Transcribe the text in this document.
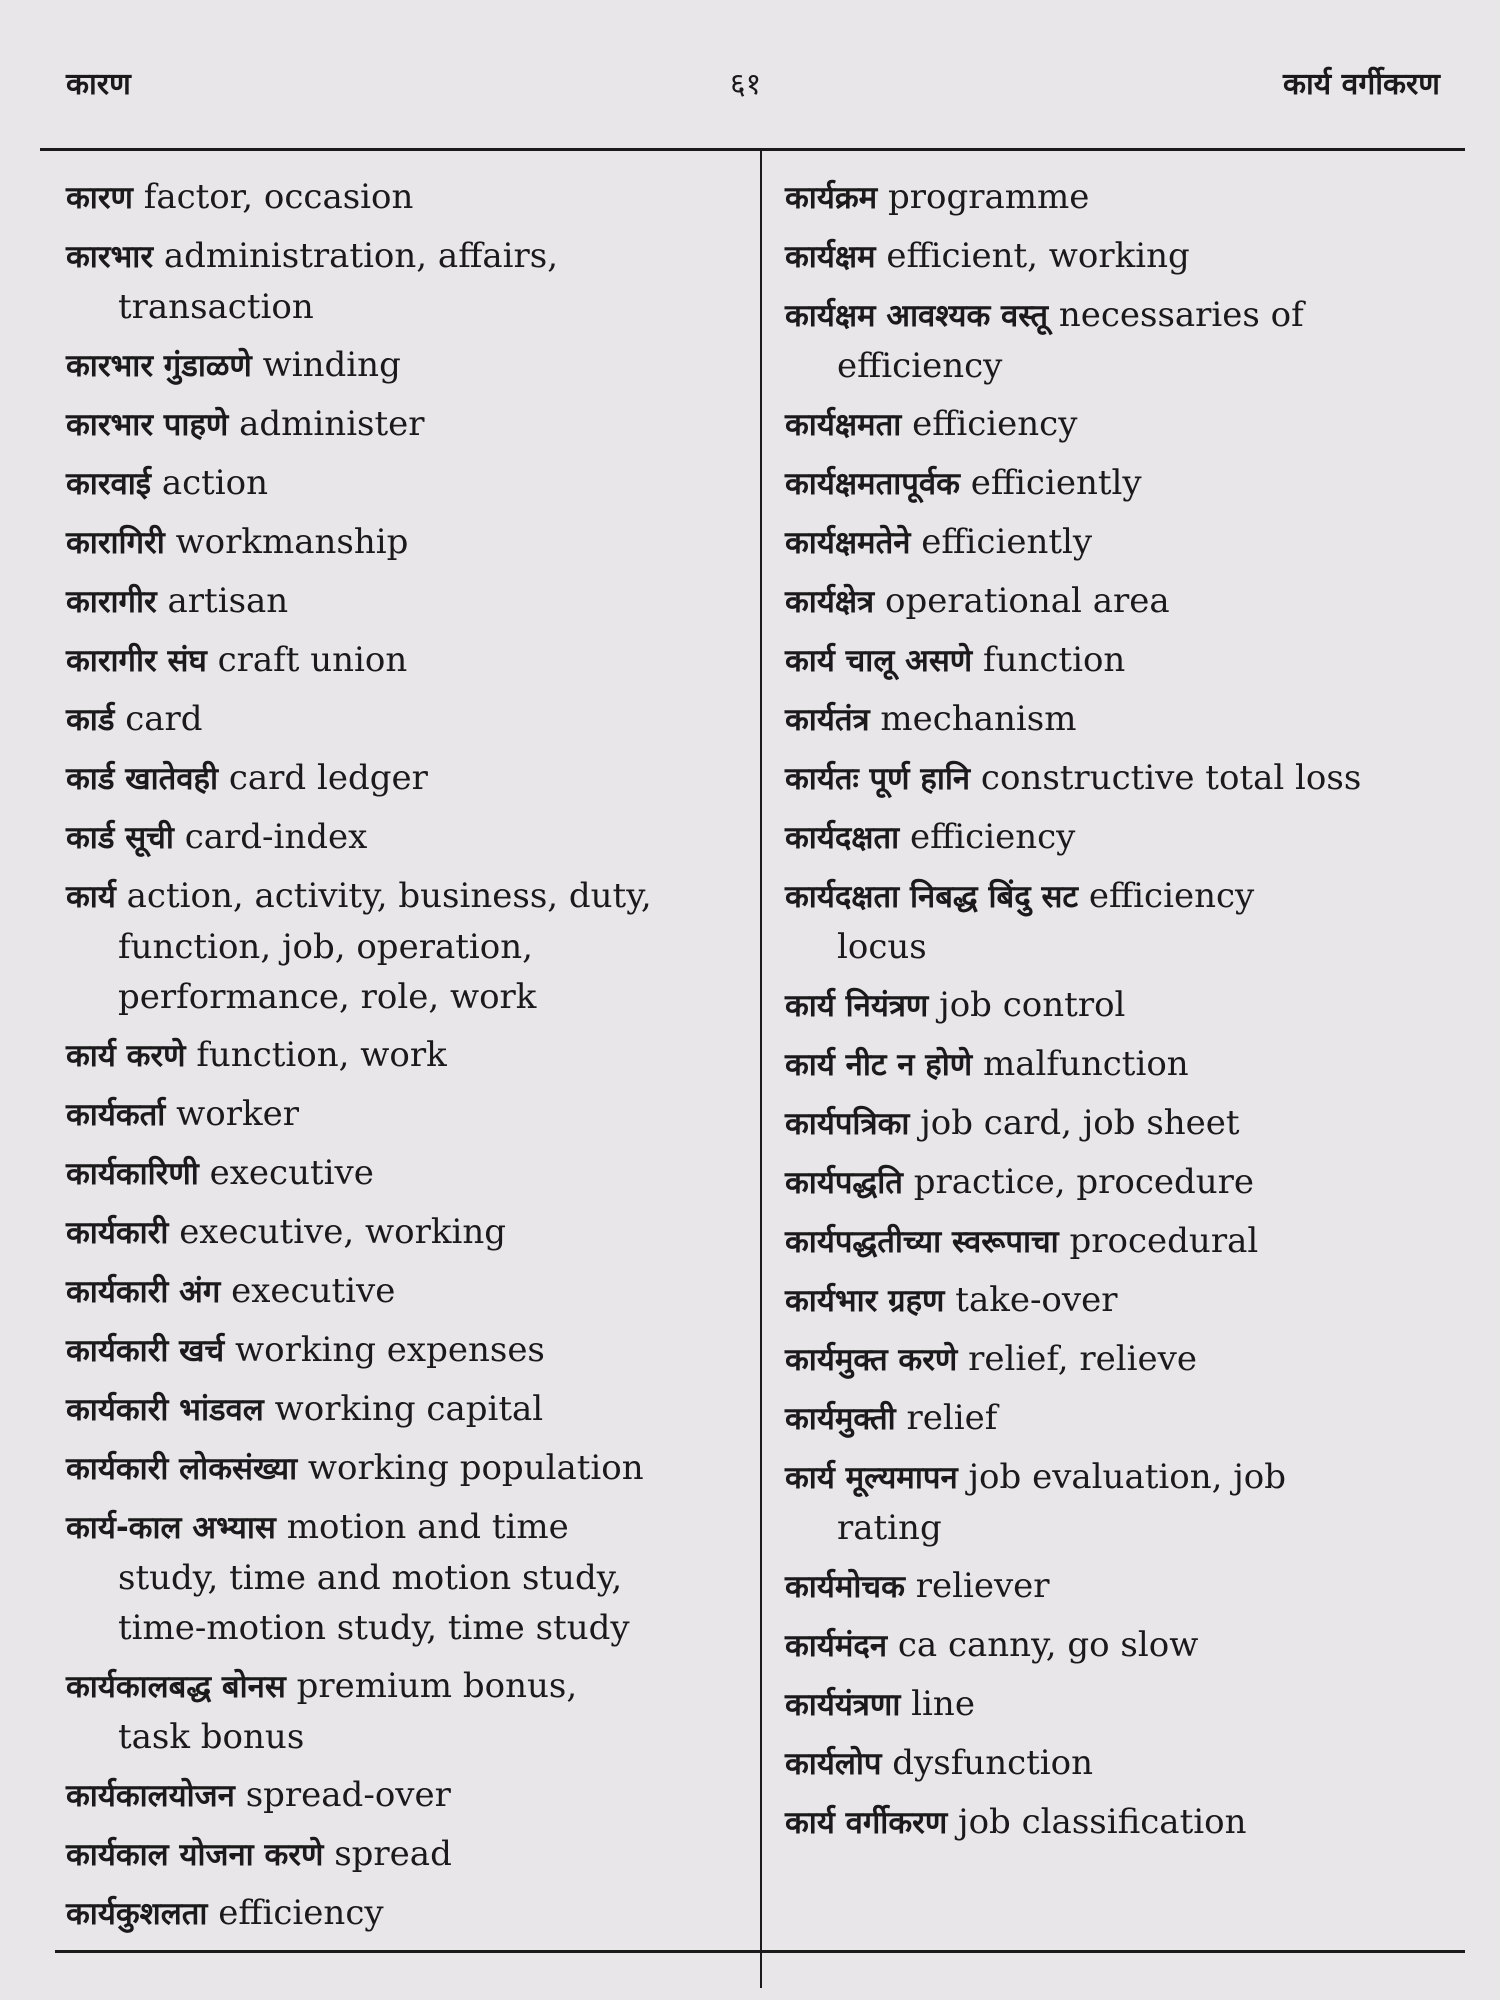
कारण	६१	कार्य वर्गीकरण
कारण factor, occasion
कारभार administration, affairs,
transaction
कारभार गुंडाळणे winding
कारभार पाहणे administer
कारवाई action
कारागिरी workmanship
कारागीर artisan
कारागीर संघ craft union
कार्ड card
कार्ड खातेवही card ledger
कार्ड सूची card-index
कार्य action, activity, business, duty,
function, job, operation,
performance, role, work
कार्य करणे function, work
कार्यकर्ता worker
कार्यकारिणी executive
कार्यकारी executive, working
कार्यकारी अंग executive
कार्यकारी खर्च working expenses
कार्यकारी भांडवल working capital
कार्यकारी लोकसंख्या working population
कार्य-काल अभ्यास motion and time
study, time and motion study,
time-motion study, time study
कार्यकालबद्ध बोनस premium bonus,
task bonus
कार्यकालयोजन spread-over
कार्यकाल योजना करणे spread
कार्यकुशलता efficiency
कार्यक्रम programme
कार्यक्षम efficient, working
कार्यक्षम आवश्यक वस्तू necessaries of
efficiency
कार्यक्षमता efficiency
कार्यक्षमतापूर्वक efficiently
कार्यक्षमतेने efficiently
कार्यक्षेत्र operational area
कार्य चालू असणे function
कार्यतंत्र mechanism
कार्यतः पूर्ण हानि constructive total loss
कार्यदक्षता efficiency
कार्यदक्षता निबद्ध बिंदु सट efficiency
locus
कार्य नियंत्रण job control
कार्य नीट न होणे malfunction
कार्यपत्रिका job card, job sheet
कार्यपद्धति practice, procedure
कार्यपद्धतीच्या स्वरूपाचा procedural
कार्यभार ग्रहण take-over
कार्यमुक्त करणे relief, relieve
कार्यमुक्ती relief
कार्य मूल्यमापन job evaluation, job
rating
कार्यमोचक reliever
कार्यमंदन ca canny, go slow
कार्ययंत्रणा line
कार्यलोप dysfunction
कार्य वर्गीकरण job classification
